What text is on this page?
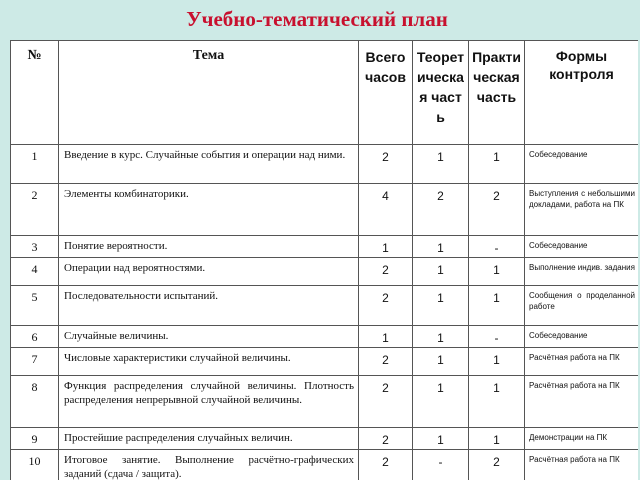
Учебно-тематический план
№	Тема	Всего часов	Теоретическая часть	Практическая часть	Формы контроля
1	Введение в курс. Случайные события и операции над ними.	2	1	1	Собеседование
2	Элементы комбинаторики.	4	2	2	Выступления с небольшими докладами, работа на ПК
3	Понятие вероятности.	1	1	-	Собеседование
4	Операции над вероятностями.	2	1	1	Выполнение индив. задания
5	Последовательности испытаний.	2	1	1	Сообщения о проделанной работе
6	Случайные величины.	1	1	-	Собеседование
7	Числовые характеристики случайной величины.	2	1	1	Расчётная работа на ПК
8	Функция распределения случайной величины. Плотность распределения непрерывной случайной величины.	2	1	1	Расчётная работа на ПК
9	Простейшие распределения случайных величин.	2	1	1	Демонстрации на ПК
10	Итоговое занятие. Выполнение расчётно-графических заданий (сдача / защита).	2	-	2	Расчётная работа на ПК
